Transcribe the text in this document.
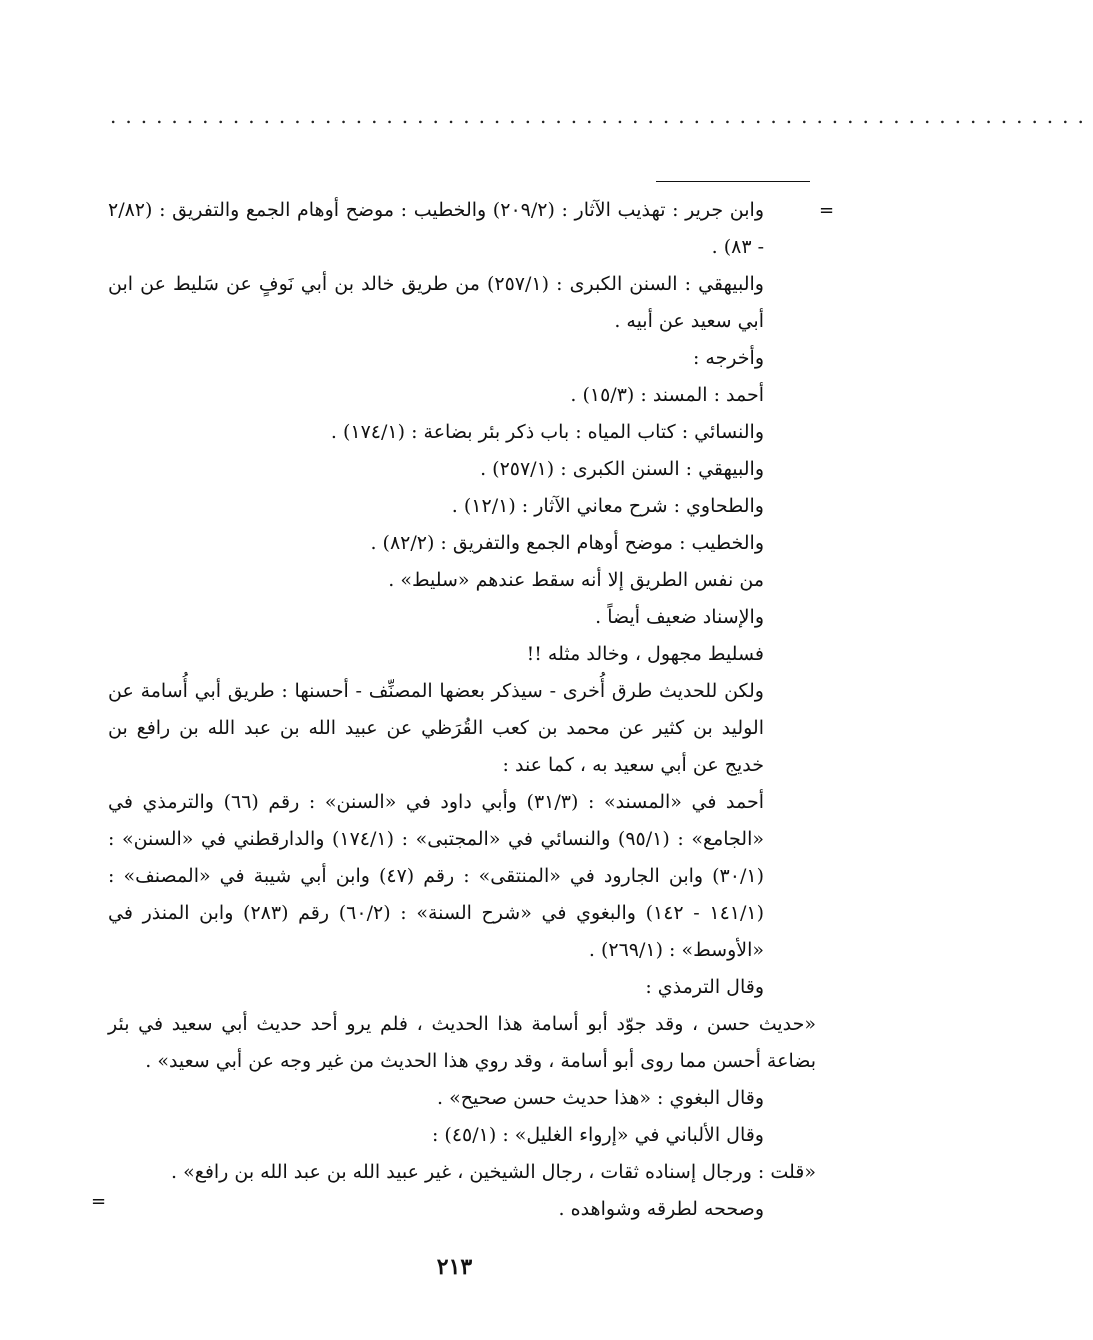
................................................................
=

وابن جرير : تهذيب الآثار : (٢٠٩/٢) والخطيب : موضح أوهام الجمع والتفريق : (٢/٨٢ - ٨٣) .

والبيهقي : السنن الكبرى : (٢٥٧/١) من طريق خالد بن أبي نَوفٍ عن سَليط عن ابن أبي سعيد عن أبيه .

وأخرجه :

أحمد : المسند : (١٥/٣) .

والنسائي : كتاب المياه : باب ذكر بئر بضاعة : (١٧٤/١) .

والبيهقي : السنن الكبرى : (٢٥٧/١) .

والطحاوي : شرح معاني الآثار : (١٢/١) .

والخطيب : موضح أوهام الجمع والتفريق : (٨٢/٢) .

من نفس الطريق إلا أنه سقط عندهم «سليط» .

والإسناد ضعيف أيضاً .

فسليط مجهول ، وخالد مثله !!

ولكن للحديث طرق أُخرى - سيذكر بعضها المصنِّف - أحسنها : طريق أبي أُسامة عن الوليد بن كثير عن محمد بن كعب القُرَظي عن عبيد الله بن عبد الله بن رافع بن خديج عن أبي سعيد به ، كما عند :

أحمد في «المسند» : (٣١/٣) وأبي داود في «السنن» : رقم (٦٦) والترمذي في «الجامع» : (٩٥/١) والنسائي في «المجتبى» : (١٧٤/١) والدارقطني في «السنن» : (٣٠/١) وابن الجارود في «المنتقى» : رقم (٤٧) وابن أبي شيبة في «المصنف» : (١٤١/١ - ١٤٢) والبغوي في «شرح السنة» : (٦٠/٢) رقم (٢٨٣) وابن المنذر في «الأوسط» : (٢٦٩/١) .

وقال الترمذي :

«حديث حسن ، وقد جوّد أبو أسامة هذا الحديث ، فلم يرو أحد حديث أبي سعيد في بئر بضاعة أحسن مما روى أبو أسامة ، وقد روي هذا الحديث من غير وجه عن أبي سعيد» .

وقال البغوي : «هذا حديث حسن صحيح» .

وقال الألباني في «إرواء الغليل» : (٤٥/١) :

«قلت : ورجال إسناده ثقات ، رجال الشيخين ، غير عبيد الله بن عبد الله بن رافع» .

وصححه لطرقه وشواهده .

=
٢١٣
